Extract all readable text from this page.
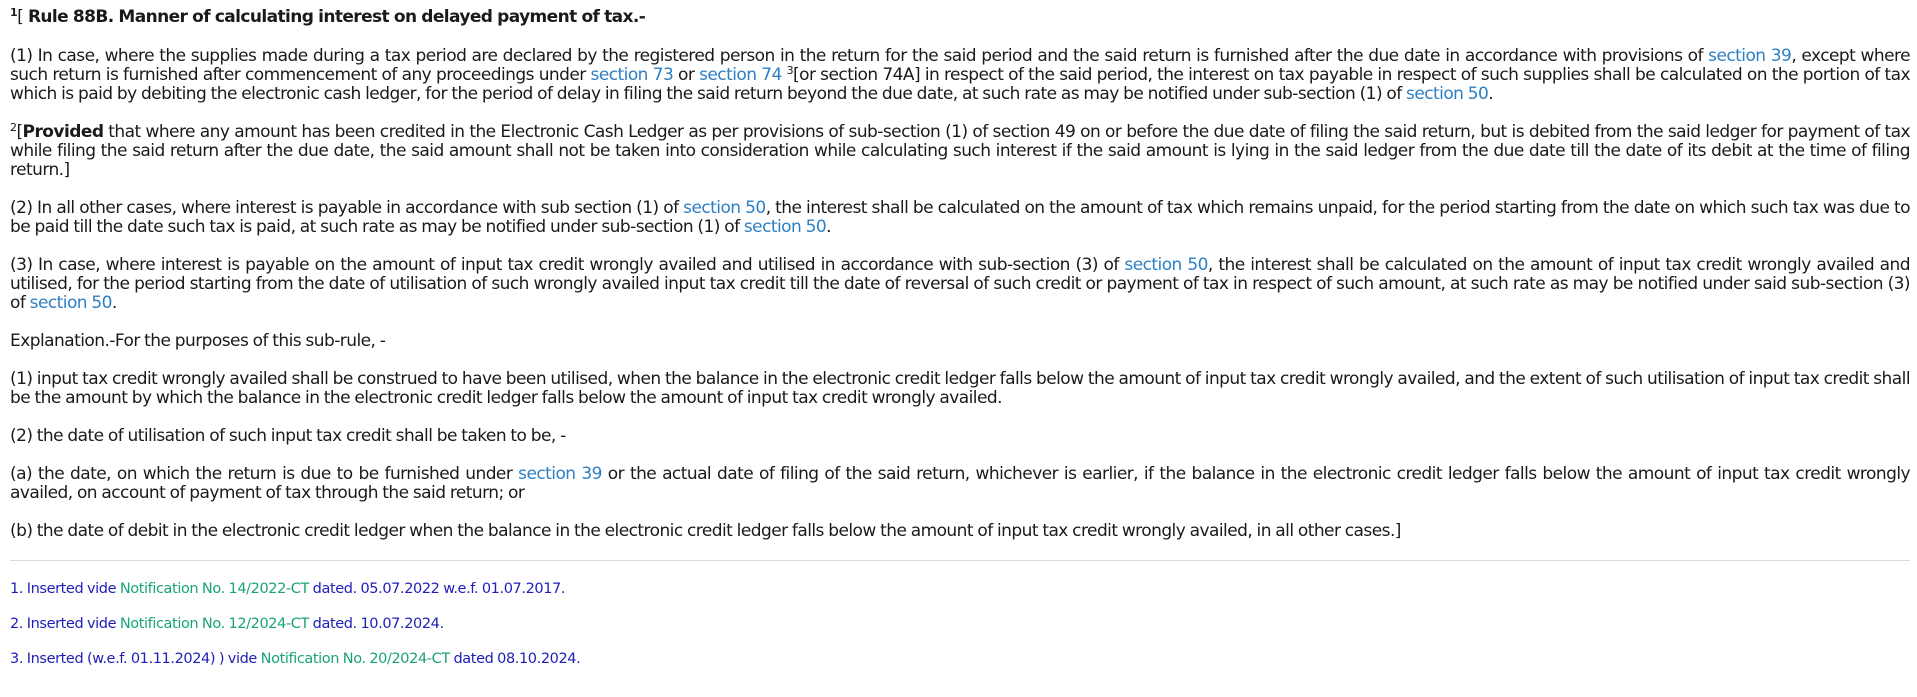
$^1$[ Rule 88B. Manner of calculating interest on delayed payment of tax.-

(1) In case, where the supplies made during a tax period are declared by the registered person in the return for the said period and the said return is furnished after the due date in accordance with provisions of section 39, except where such return is furnished after commencement of any proceedings under section 73 or section 74 $^3$[or section 74A] in respect of the said period, the interest on tax payable in respect of such supplies shall be calculated on the portion of tax which is paid by debiting the electronic cash ledger, for the period of delay in filing the said return beyond the due date, at such rate as may be notified under sub-section (1) of section 50.

$^2$[Provided that where any amount has been credited in the Electronic Cash Ledger as per provisions of sub-section (1) of section 49 on or before the due date of filing the said return, but is debited from the said ledger for payment of tax while filing the said return after the due date, the said amount shall not be taken into consideration while calculating such interest if the said amount is lying in the said ledger from the due date till the date of its debit at the time of filing return.]

(2) In all other cases, where interest is payable in accordance with sub section (1) of section 50, the interest shall be calculated on the amount of tax which remains unpaid, for the period starting from the date on which such tax was due to be paid till the date such tax is paid, at such rate as may be notified under sub-section (1) of section 50.

(3) In case, where interest is payable on the amount of input tax credit wrongly availed and utilised in accordance with sub-section (3) of section 50, the interest shall be calculated on the amount of input tax credit wrongly availed and utilised, for the period starting from the date of utilisation of such wrongly availed input tax credit till the date of reversal of such credit or payment of tax in respect of such amount, at such rate as may be notified under said sub-section (3) of section 50.

Explanation.-For the purposes of this sub-rule, -

(1) input tax credit wrongly availed shall be construed to have been utilised, when the balance in the electronic credit ledger falls below the amount of input tax credit wrongly availed, and the extent of such utilisation of input tax credit shall be the amount by which the balance in the electronic credit ledger falls below the amount of input tax credit wrongly availed.

(2) the date of utilisation of such input tax credit shall be taken to be, -

(a) the date, on which the return is due to be furnished under section 39 or the actual date of filing of the said return, whichever is earlier, if the balance in the electronic credit ledger falls below the amount of input tax credit wrongly availed, on account of payment of tax through the said return; or

(b) the date of debit in the electronic credit ledger when the balance in the electronic credit ledger falls below the amount of input tax credit wrongly availed, in all other cases.]

1. Inserted vide Notification No. 14/2022-CT dated. 05.07.2022 w.e.f. 01.07.2017.
2. Inserted vide Notification No. 12/2024-CT dated. 10.07.2024.
3. Inserted (w.e.f. 01.11.2024) ) vide Notification No. 20/2024-CT dated 08.10.2024.
